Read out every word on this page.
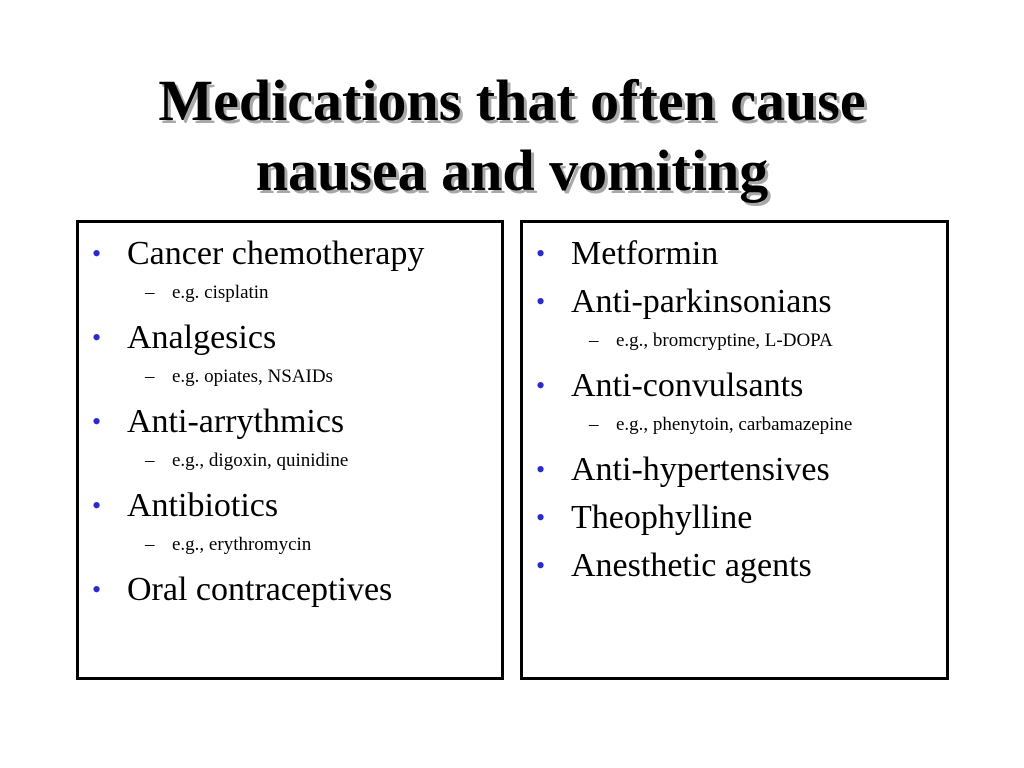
Medications that often cause
nausea and vomiting
• Cancer chemotherapy
– e.g. cisplatin
• Analgesics
– e.g. opiates, NSAIDs
• Anti-arrythmics
– e.g., digoxin, quinidine
• Antibiotics
– e.g., erythromycin
• Oral contraceptives
• Metformin
• Anti-parkinsonians
– e.g., bromcryptine, L-DOPA
• Anti-convulsants
– e.g., phenytoin, carbamazepine
• Anti-hypertensives
• Theophylline
• Anesthetic agents
